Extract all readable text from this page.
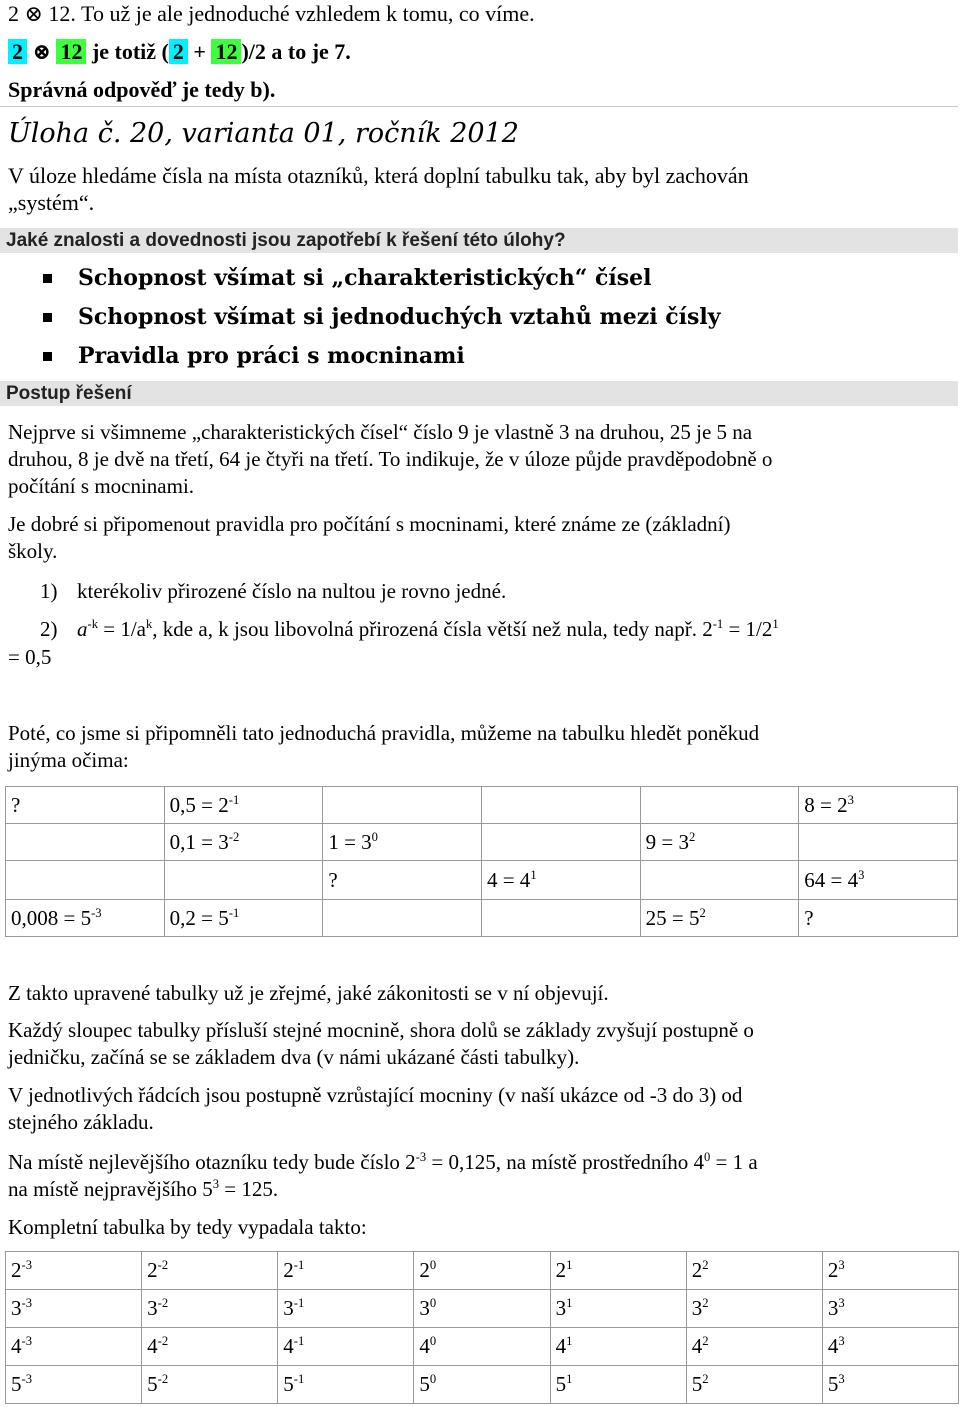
2 ⊗ 12. To už je ale jednoduché vzhledem k tomu, co víme.
2 ⊗ 12 je totiž ( 2 + 12 )/2 a to je 7.
Správná odpověď je tedy b).
Úloha č. 20, varianta 01, ročník 2012
V úloze hledáme čísla na místa otazníků, která doplní tabulku tak, aby byl zachován
„systém“.
Jaké znalosti a dovednosti jsou zapotřebí k řešení této úlohy?
Schopnost všímat si „charakteristických“ čísel
Schopnost všímat si jednoduchých vztahů mezi čísly
Pravidla pro práci s mocninami
Postup řešení
Nejprve si všimneme „charakteristických čísel“ číslo 9 je vlastně 3 na druhou, 25 je 5 na
druhou, 8 je dvě na třetí, 64 je čtyři na třetí. To indikuje, že v úloze půjde pravděpodobně o
počítání s mocninami.
Je dobré si připomenout pravidla pro počítání s mocninami, které známe ze (základní)
školy.
1) kterékoliv přirozené číslo na nultou je rovno jedné.
2) $a^{-k} = 1/a^k$, kde a, k jsou libovolná přirozená čísla větší než nula, tedy např. $2^{-1} = 1/2^1$
= 0,5
Poté, co jsme si připomněli tato jednoduchá pravidla, můžeme na tabulku hledět poněkud
jinýma očima:
?	$0,5 = 2^{-1}$				$8 = 2^3$
	$0,1 = 3^{-2}$	$1 = 3^0$		$9 = 3^2$	
		?	$4 = 4^1$		$64 = 4^3$
$0,008 = 5^{-3}$	$0,2 = 5^{-1}$			$25 = 5^2$	?
Z takto upravené tabulky už je zřejmé, jaké zákonitosti se v ní objevují.
Každý sloupec tabulky přísluší stejné mocnině, shora dolů se základy zvyšují postupně o
jedničku, začíná se se základem dva (v námi ukázané části tabulky).
V jednotlivých řádcích jsou postupně vzrůstající mocniny (v naší ukázce od -3 do 3) od
stejného základu.
Na místě nejlevějšího otazníku tedy bude číslo $2^{-3} = 0,125$, na místě prostředního $4^0 = 1$ a
na místě nejpravějšího $5^3 = 125$.
Kompletní tabulka by tedy vypadala takto:
$2^{-3}$	$2^{-2}$	$2^{-1}$	$2^0$	$2^1$	$2^2$	$2^3$
$3^{-3}$	$3^{-2}$	$3^{-1}$	$3^0$	$3^1$	$3^2$	$3^3$
$4^{-3}$	$4^{-2}$	$4^{-1}$	$4^0$	$4^1$	$4^2$	$4^3$
$5^{-3}$	$5^{-2}$	$5^{-1}$	$5^0$	$5^1$	$5^2$	$5^3$
